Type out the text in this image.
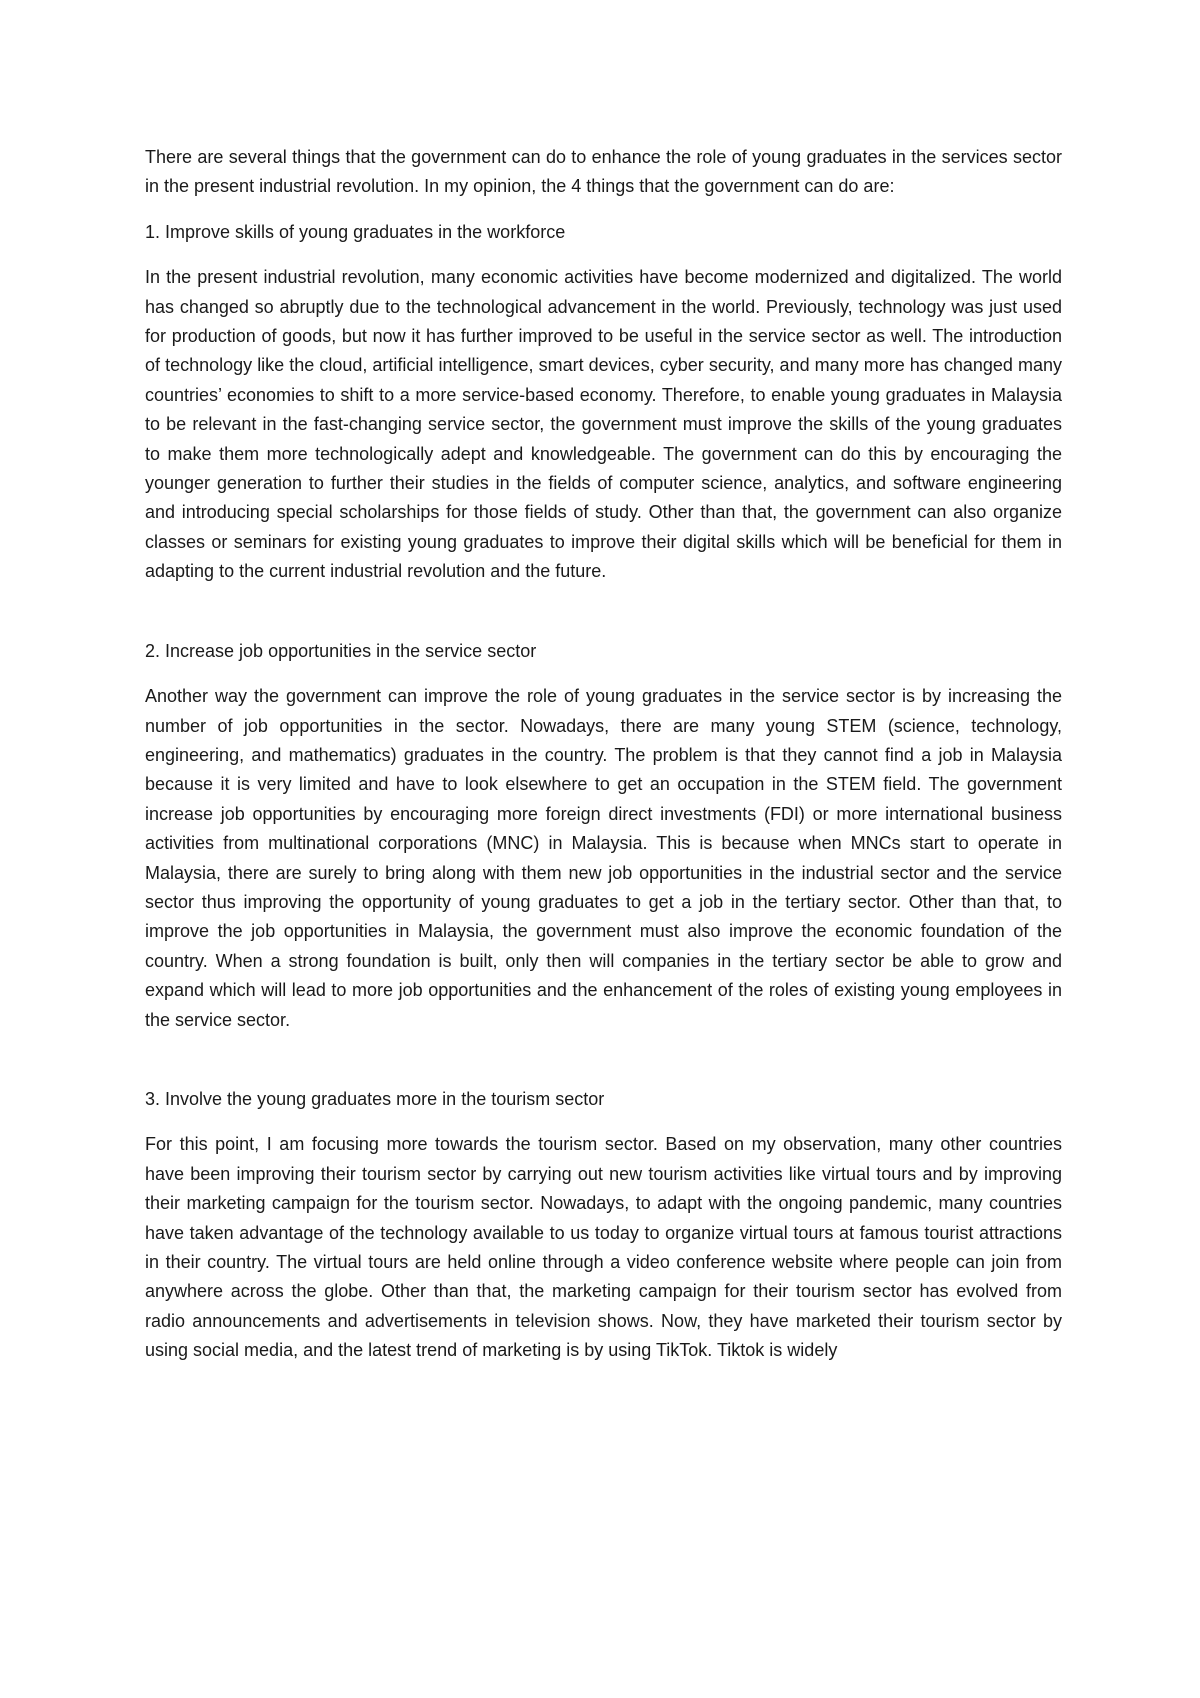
There are several things that the government can do to enhance the role of young graduates in the services sector in the present industrial revolution. In my opinion, the 4 things that the government can do are:

1. Improve skills of young graduates in the workforce

In the present industrial revolution, many economic activities have become modernized and digitalized. The world has changed so abruptly due to the technological advancement in the world. Previously, technology was just used for production of goods, but now it has further improved to be useful in the service sector as well. The introduction of technology like the cloud, artificial intelligence, smart devices, cyber security, and many more has changed many countries’ economies to shift to a more service-based economy. Therefore, to enable young graduates in Malaysia to be relevant in the fast-changing service sector, the government must improve the skills of the young graduates to make them more technologically adept and knowledgeable. The government can do this by encouraging the younger generation to further their studies in the fields of computer science, analytics, and software engineering and introducing special scholarships for those fields of study. Other than that, the government can also organize classes or seminars for existing young graduates to improve their digital skills which will be beneficial for them in adapting to the current industrial revolution and the future.

2. Increase job opportunities in the service sector

Another way the government can improve the role of young graduates in the service sector is by increasing the number of job opportunities in the sector. Nowadays, there are many young STEM (science, technology, engineering, and mathematics) graduates in the country. The problem is that they cannot find a job in Malaysia because it is very limited and have to look elsewhere to get an occupation in the STEM field. The government increase job opportunities by encouraging more foreign direct investments (FDI) or more international business activities from multinational corporations (MNC) in Malaysia. This is because when MNCs start to operate in Malaysia, there are surely to bring along with them new job opportunities in the industrial sector and the service sector thus improving the opportunity of young graduates to get a job in the tertiary sector. Other than that, to improve the job opportunities in Malaysia, the government must also improve the economic foundation of the country. When a strong foundation is built, only then will companies in the tertiary sector be able to grow and expand which will lead to more job opportunities and the enhancement of the roles of existing young employees in the service sector.

3. Involve the young graduates more in the tourism sector

For this point, I am focusing more towards the tourism sector. Based on my observation, many other countries have been improving their tourism sector by carrying out new tourism activities like virtual tours and by improving their marketing campaign for the tourism sector. Nowadays, to adapt with the ongoing pandemic, many countries have taken advantage of the technology available to us today to organize virtual tours at famous tourist attractions in their country. The virtual tours are held online through a video conference website where people can join from anywhere across the globe. Other than that, the marketing campaign for their tourism sector has evolved from radio announcements and advertisements in television shows. Now, they have marketed their tourism sector by using social media, and the latest trend of marketing is by using TikTok. Tiktok is widely
